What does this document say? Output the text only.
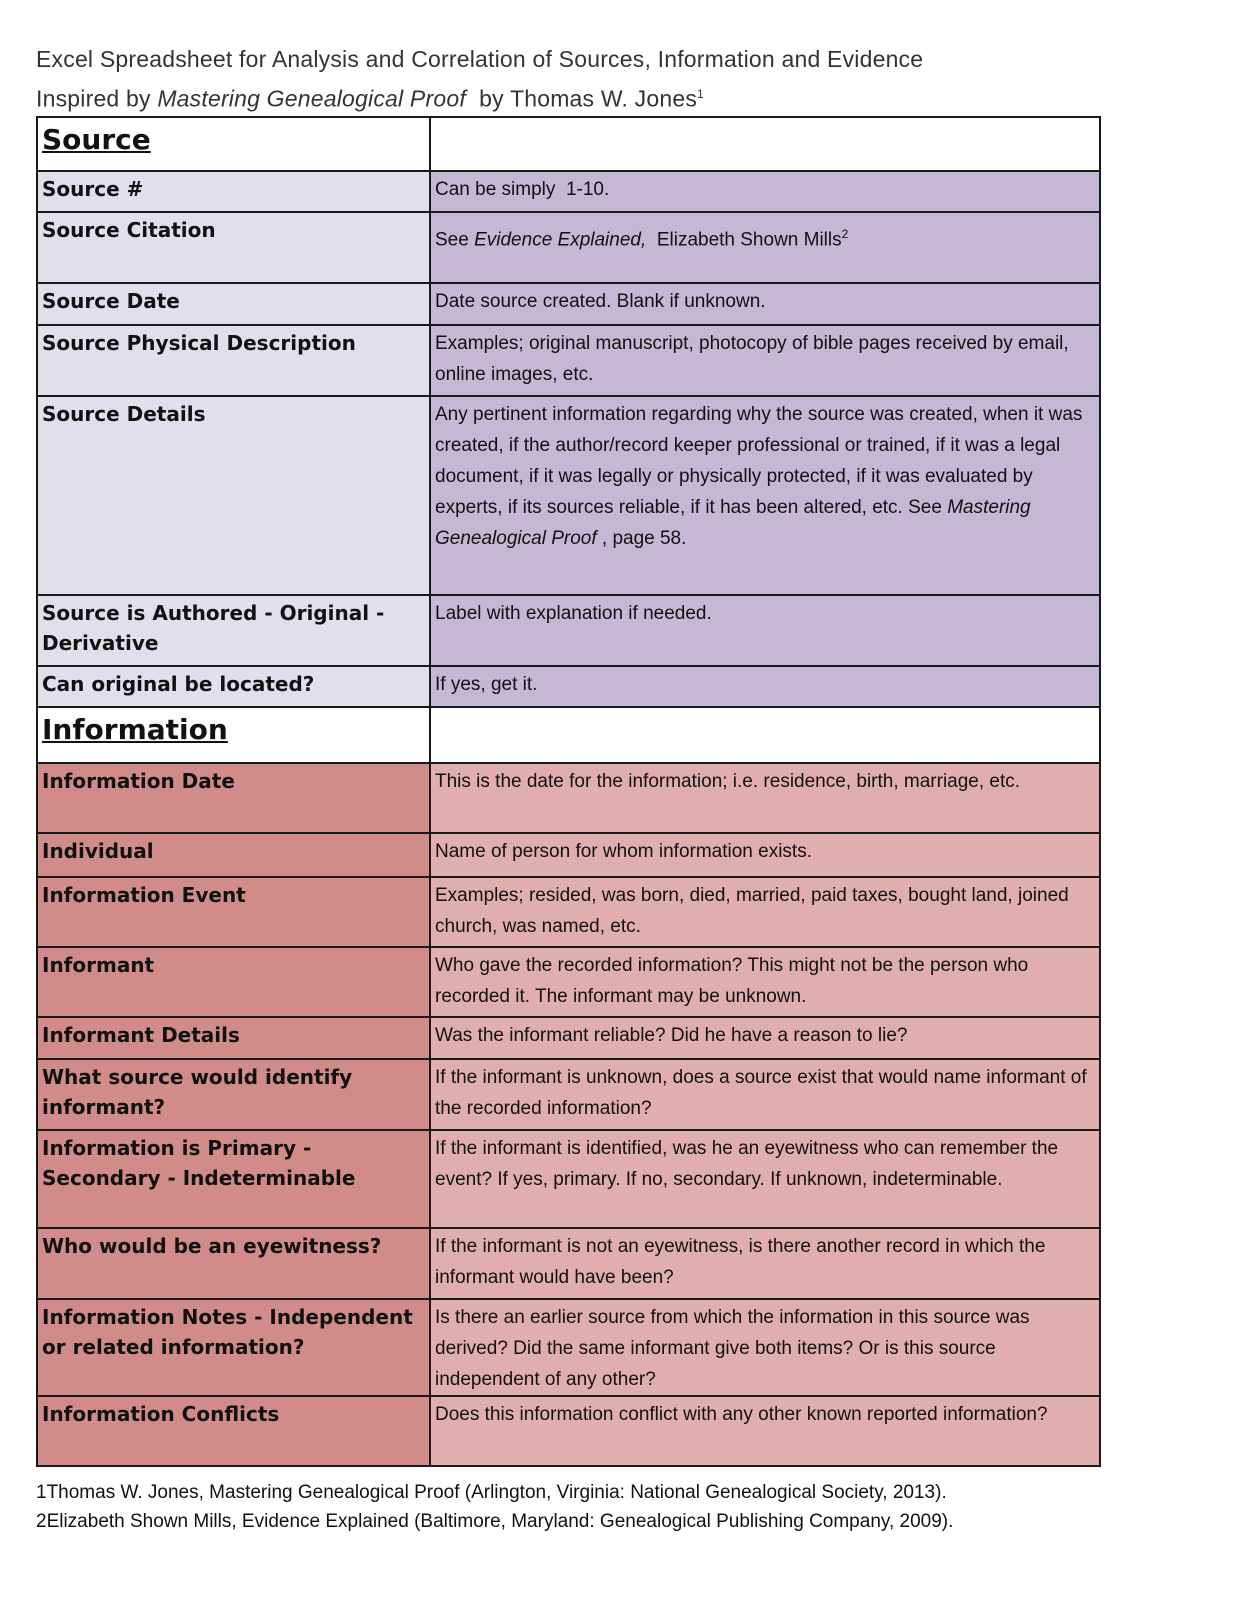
Excel Spreadsheet for Analysis and Correlation of Sources, Information and Evidence
Inspired by Mastering Genealogical Proof  by Thomas W. Jones$^1$
Source	
Source #	Can be simply  1-10.
Source Citation	See Evidence Explained,  Elizabeth Shown Mills$^2$
Source Date	Date source created. Blank if unknown.
Source Physical Description	Examples; original manuscript, photocopy of bible pages received by email, online images, etc.
Source Details	Any pertinent information regarding why the source was created, when it was created, if the author/record keeper professional or trained, if it was a legal document, if it was legally or physically protected, if it was evaluated by experts, if its sources reliable, if it has been altered, etc. See Mastering Genealogical Proof , page 58.
Source is Authored - Original - Derivative	Label with explanation if needed.
Can original be located?	If yes, get it.
Information	
Information Date	This is the date for the information; i.e. residence, birth, marriage, etc.
Individual	Name of person for whom information exists.
Information Event	Examples; resided, was born, died, married, paid taxes, bought land, joined church, was named, etc.
Informant	Who gave the recorded information? This might not be the person who recorded it. The informant may be unknown.
Informant Details	Was the informant reliable? Did he have a reason to lie?
What source would identify informant?	If the informant is unknown, does a source exist that would name informant of the recorded information?
Information is Primary - Secondary - Indeterminable	If the informant is identified, was he an eyewitness who can remember the event? If yes, primary. If no, secondary. If unknown, indeterminable.
Who would be an eyewitness?	If the informant is not an eyewitness, is there another record in which the informant would have been?
Information Notes - Independent or related information?	Is there an earlier source from which the information in this source was derived? Did the same informant give both items? Or is this source independent of any other?
Information Conflicts	Does this information conflict with any other known reported information?
1Thomas W. Jones, Mastering Genealogical Proof (Arlington, Virginia: National Genealogical Society, 2013).
2Elizabeth Shown Mills, Evidence Explained (Baltimore, Maryland: Genealogical Publishing Company, 2009).
